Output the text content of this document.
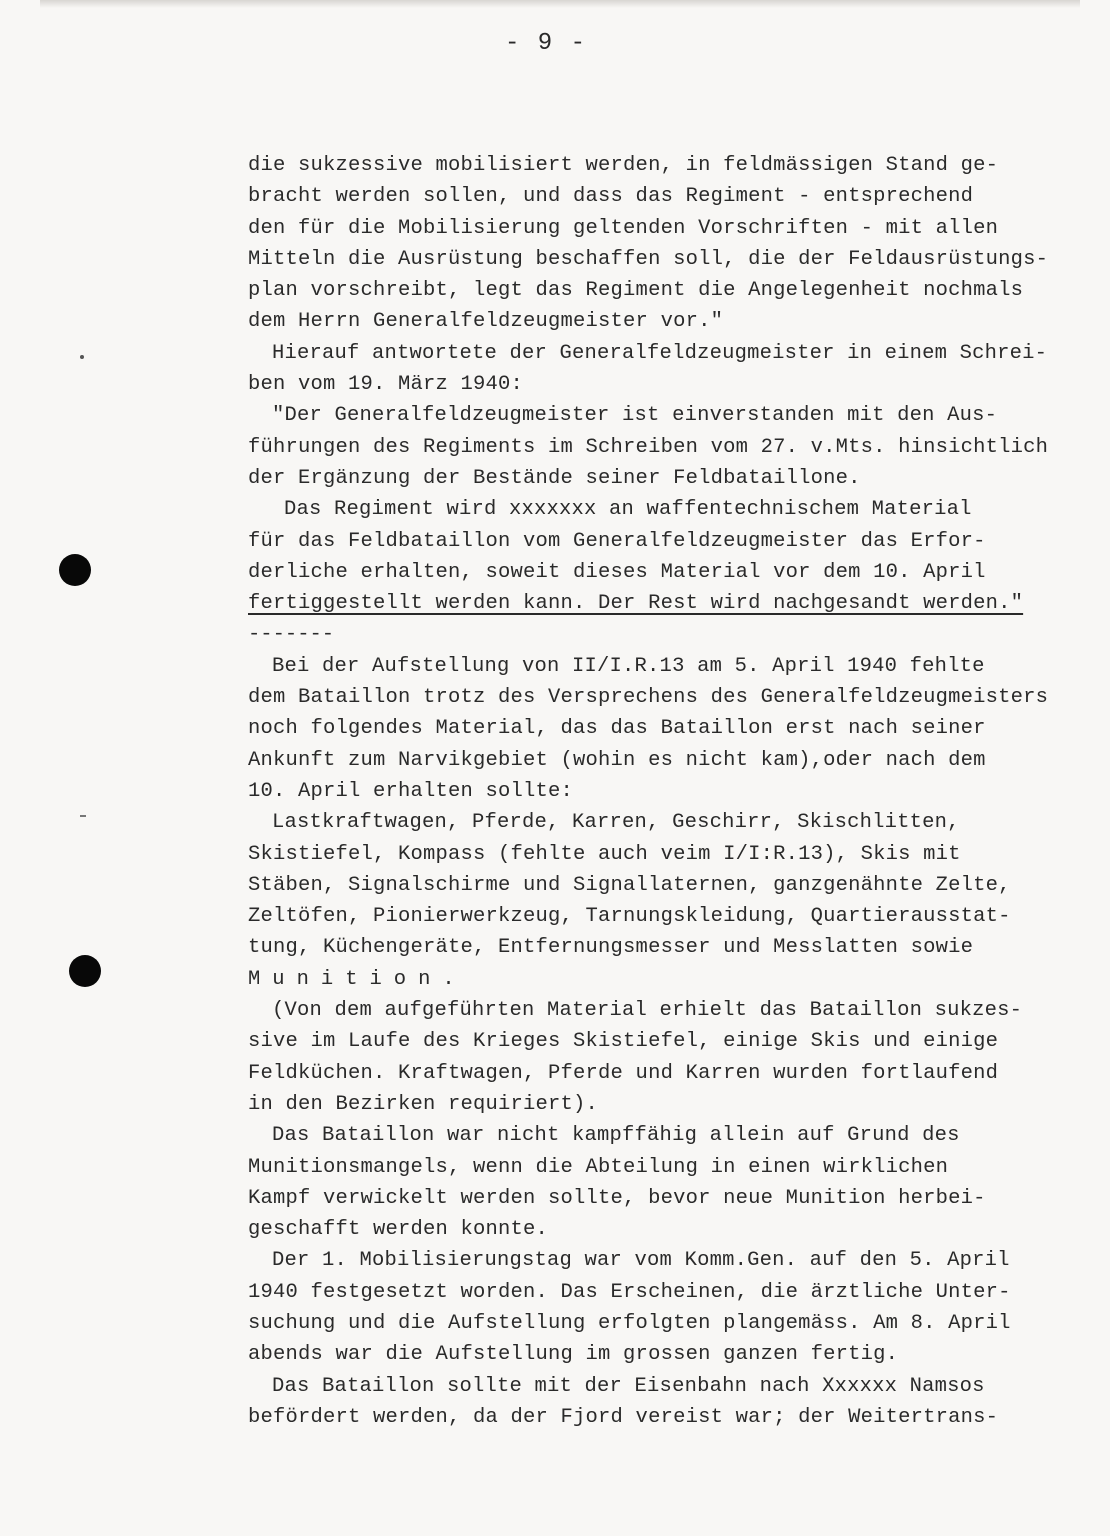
- 9 -
die sukzessive mobilisiert werden, in feldmässigen Stand ge-
bracht werden sollen, und dass das Regiment - entsprechend
den für die Mobilisierung geltenden Vorschriften - mit allen
Mitteln die Ausrüstung beschaffen soll, die der Feldausrüstungs-
plan vorschreibt, legt das Regiment die Angelegenheit nochmals
dem Herrn Generalfeldzeugmeister vor."
Hierauf antwortete der Generalfeldzeugmeister in einem Schrei-
ben vom 19. März 1940:
"Der Generalfeldzeugmeister ist einverstanden mit den Aus-
führungen des Regiments im Schreiben vom 27. v.Mts. hinsichtlich
der Ergänzung der Bestände seiner Feldbataillone.
Das Regiment wird xxxxxxx an waffentechnischem Material
für das Feldbataillon vom Generalfeldzeugmeister das Erfor-
derliche erhalten, soweit dieses Material vor dem 10. April
fertiggestellt werden kann. Der Rest wird nachgesandt werden."
-------
Bei der Aufstellung von II/I.R.13 am 5. April 1940 fehlte
dem Bataillon trotz des Versprechens des Generalfeldzeugmeisters
noch folgendes Material, das das Bataillon erst nach seiner
Ankunft zum Narvikgebiet (wohin es nicht kam),oder nach dem
10. April erhalten sollte:
Lastkraftwagen, Pferde, Karren, Geschirr, Skischlitten,
Skistiefel, Kompass (fehlte auch veim I/I:R.13), Skis mit
Stäben, Signalschirme und Signallaternen, ganzgenähnte Zelte,
Zeltöfen, Pionierwerkzeug, Tarnungskleidung, Quartierausstat-
tung, Küchengeräte, Entfernungsmesser und Messlatten sowie
Munition.
(Von dem aufgeführten Material erhielt das Bataillon sukzes-
sive im Laufe des Krieges Skistiefel, einige Skis und einige
Feldküchen. Kraftwagen, Pferde und Karren wurden fortlaufend
in den Bezirken requiriert).
Das Bataillon war nicht kampffähig allein auf Grund des
Munitionsmangels, wenn die Abteilung in einen wirklichen
Kampf verwickelt werden sollte, bevor neue Munition herbei-
geschafft werden konnte.
Der 1. Mobilisierungstag war vom Komm.Gen. auf den 5. April
1940 festgesetzt worden. Das Erscheinen, die ärztliche Unter-
suchung und die Aufstellung erfolgten plangemäss. Am 8. April
abends war die Aufstellung im grossen ganzen fertig.
Das Bataillon sollte mit der Eisenbahn nach Xxxxxx Namsos
befördert werden, da der Fjord vereist war; der Weitertrans-
